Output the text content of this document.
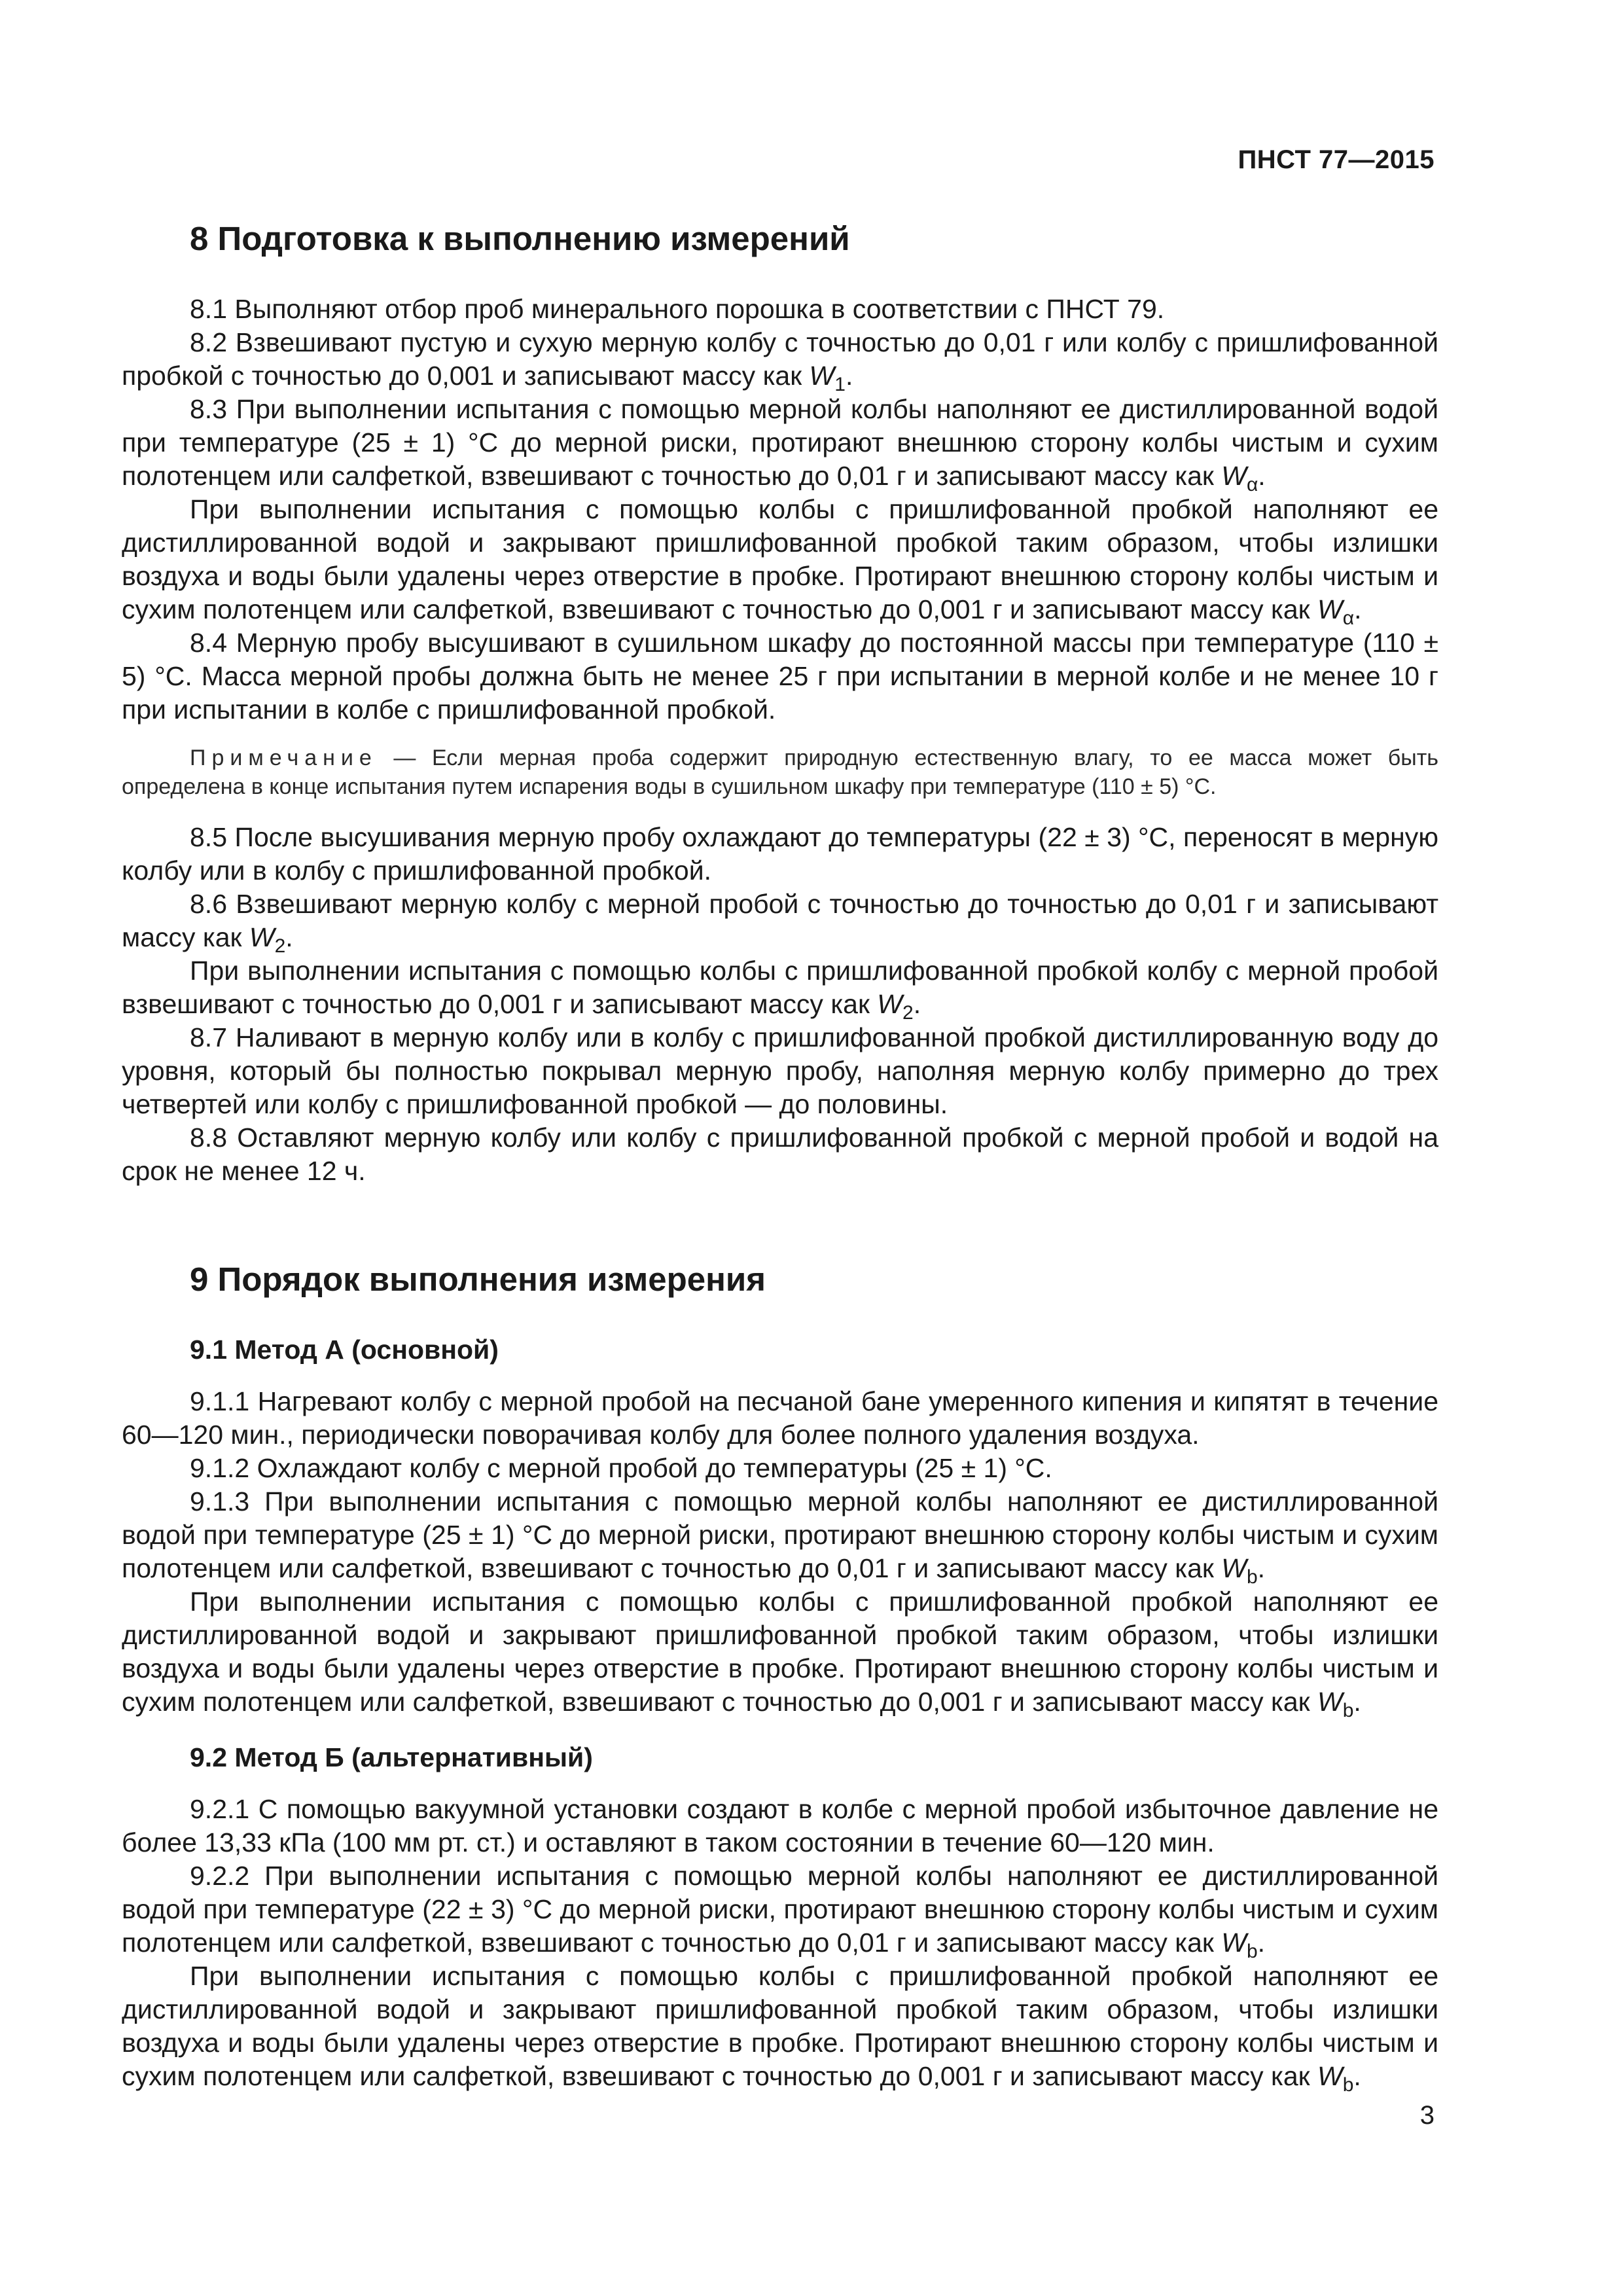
ПНСТ 77—2015
8 Подготовка к выполнению измерений

8.1 Выполняют отбор проб минерального порошка в соответствии с ПНСТ 79.

8.2 Взвешивают пустую и сухую мерную колбу с точностью до 0,01 г или колбу с пришлифованной пробкой с точностью до 0,001 и записывают массу как $W_1$.

8.3 При выполнении испытания с помощью мерной колбы наполняют ее дистиллированной водой при температуре (25 ± 1) °С до мерной риски, протирают внешнюю сторону колбы чистым и сухим полотенцем или салфеткой, взвешивают с точностью до 0,01 г и записывают массу как $W_\alpha$.

При выполнении испытания с помощью колбы с пришлифованной пробкой наполняют ее дистиллированной водой и закрывают пришлифованной пробкой таким образом, чтобы излишки воздуха и воды были удалены через отверстие в пробке. Протирают внешнюю сторону колбы чистым и сухим полотенцем или салфеткой, взвешивают с точностью до 0,001 г и записывают массу как $W_\alpha$.

8.4 Мерную пробу высушивают в сушильном шкафу до постоянной массы при температуре (110 ± 5) °С. Масса мерной пробы должна быть не менее 25 г при испытании в мерной колбе и не менее 10 г при испытании в колбе с пришлифованной пробкой.

Примечание — Если мерная проба содержит природную естественную влагу, то ее масса может быть определена в конце испытания путем испарения воды в сушильном шкафу при температуре (110 ± 5) °С.

8.5 После высушивания мерную пробу охлаждают до температуры (22 ± 3) °С, переносят в мерную колбу или в колбу с пришлифованной пробкой.

8.6 Взвешивают мерную колбу с мерной пробой с точностью до точностью до 0,01 г и записывают массу как $W_2$.

При выполнении испытания с помощью колбы с пришлифованной пробкой колбу с мерной пробой взвешивают с точностью до 0,001 г и записывают массу как $W_2$.

8.7 Наливают в мерную колбу или в колбу с пришлифованной пробкой дистиллированную воду до уровня, который бы полностью покрывал мерную пробу, наполняя мерную колбу примерно до трех четвертей или колбу с пришлифованной пробкой — до половины.

8.8 Оставляют мерную колбу или колбу с пришлифованной пробкой с мерной пробой и водой на срок не менее 12 ч.

9 Порядок выполнения измерения
9.1 Метод А (основной)

9.1.1 Нагревают колбу с мерной пробой на песчаной бане умеренного кипения и кипятят в течение 60—120 мин., периодически поворачивая колбу для более полного удаления воздуха.

9.1.2 Охлаждают колбу с мерной пробой до температуры (25 ± 1) °С.

9.1.3 При выполнении испытания с помощью мерной колбы наполняют ее дистиллированной водой при температуре (25 ± 1) °С до мерной риски, протирают внешнюю сторону колбы чистым и сухим полотенцем или салфеткой, взвешивают с точностью до 0,01 г и записывают массу как $W_b$.

При выполнении испытания с помощью колбы с пришлифованной пробкой наполняют ее дистиллированной водой и закрывают пришлифованной пробкой таким образом, чтобы излишки воздуха и воды были удалены через отверстие в пробке. Протирают внешнюю сторону колбы чистым и сухим полотенцем или салфеткой, взвешивают с точностью до 0,001 г и записывают массу как $W_b$.

9.2 Метод Б (альтернативный)

9.2.1 С помощью вакуумной установки создают в колбе с мерной пробой избыточное давление не более 13,33 кПа (100 мм рт. ст.) и оставляют в таком состоянии в течение 60—120 мин.

9.2.2 При выполнении испытания с помощью мерной колбы наполняют ее дистиллированной водой при температуре (22 ± 3) °С до мерной риски, протирают внешнюю сторону колбы чистым и сухим полотенцем или салфеткой, взвешивают с точностью до 0,01 г и записывают массу как $W_b$.

При выполнении испытания с помощью колбы с пришлифованной пробкой наполняют ее дистиллированной водой и закрывают пришлифованной пробкой таким образом, чтобы излишки воздуха и воды были удалены через отверстие в пробке. Протирают внешнюю сторону колбы чистым и сухим полотенцем или салфеткой, взвешивают с точностью до 0,001 г и записывают массу как $W_b$.

3
